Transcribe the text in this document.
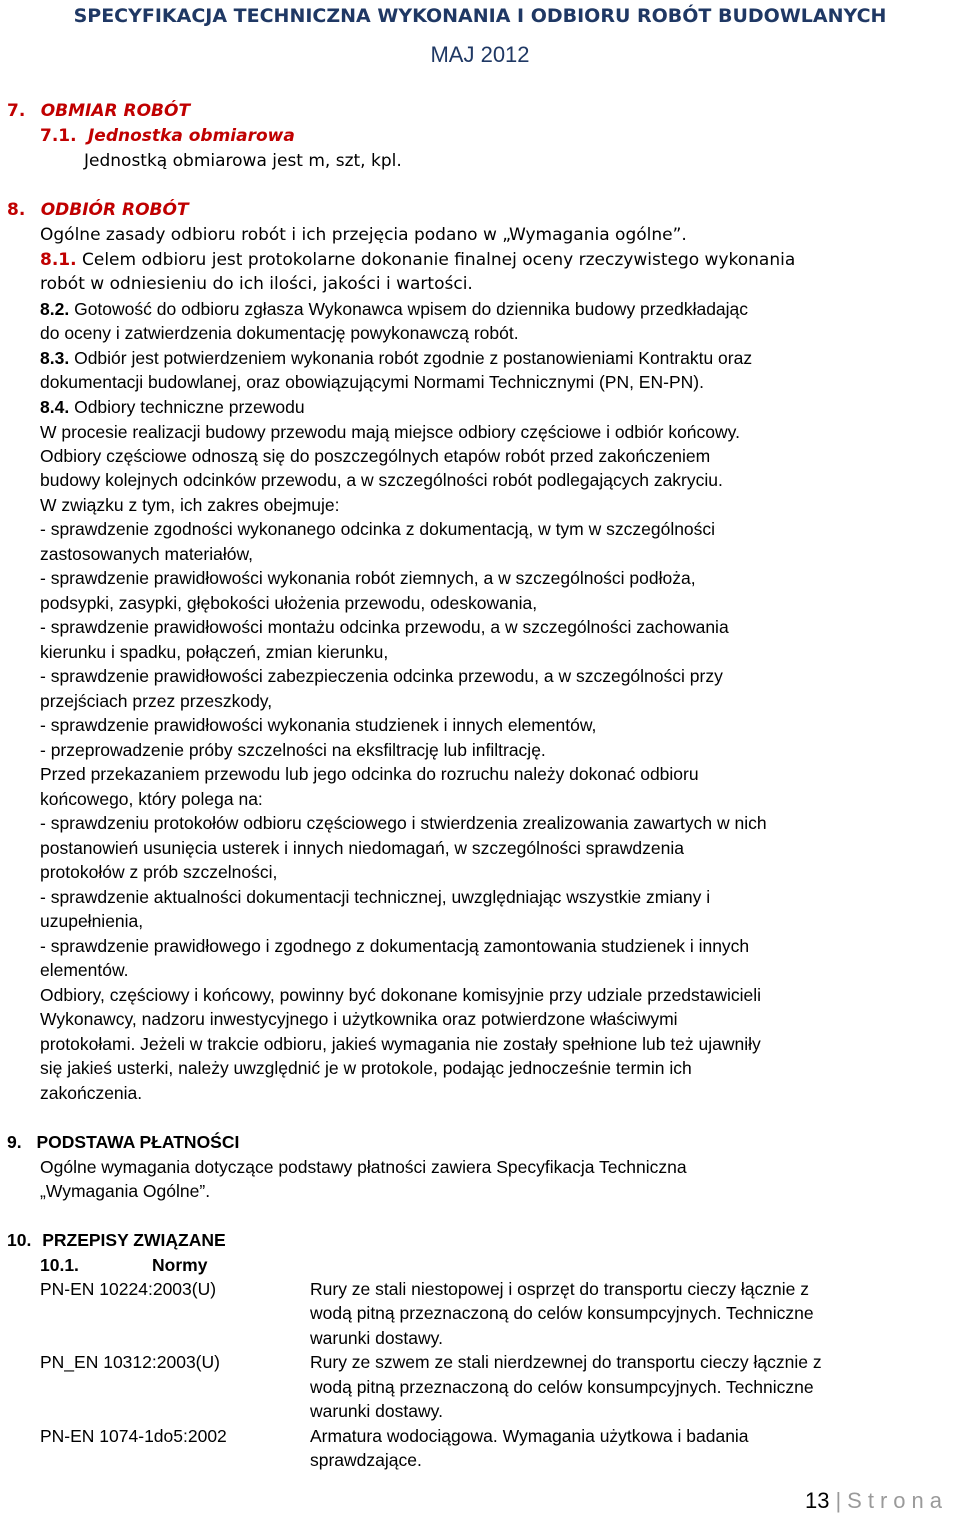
SPECYFIKACJA TECHNICZNA WYKONANIA I ODBIORU ROBÓT BUDOWLANYCH
MAJ 2012
7. OBMIAR ROBÓT
7.1. Jednostka obmiarowa
Jednostką obmiarowa jest m, szt, kpl.
8. ODBIÓR ROBÓT
Ogólne zasady odbioru robót i ich przejęcia podano w „Wymagania ogólne”.
8.1. Celem odbioru jest protokolarne dokonanie finalnej oceny rzeczywistego wykonania
robót w odniesieniu do ich ilości, jakości i wartości.
8.2. Gotowość do odbioru zgłasza Wykonawca wpisem do dziennika budowy przedkładając
do oceny i zatwierdzenia dokumentację powykonawczą robót.
8.3. Odbiór jest potwierdzeniem wykonania robót zgodnie z postanowieniami Kontraktu oraz
dokumentacji budowlanej, oraz obowiązującymi Normami Technicznymi (PN, EN-PN).
8.4. Odbiory techniczne przewodu
W procesie realizacji budowy przewodu mają miejsce odbiory częściowe i odbiór końcowy.
Odbiory częściowe odnoszą się do poszczególnych etapów robót przed zakończeniem
budowy kolejnych odcinków przewodu, a w szczególności robót podlegających zakryciu.
W związku z tym, ich zakres obejmuje:
- sprawdzenie zgodności wykonanego odcinka z dokumentacją, w tym w szczególności
zastosowanych materiałów,
- sprawdzenie prawidłowości wykonania robót ziemnych, a w szczególności podłoża,
podsypki, zasypki, głębokości ułożenia przewodu, odeskowania,
- sprawdzenie prawidłowości montażu odcinka przewodu, a w szczególności zachowania
kierunku i spadku, połączeń, zmian kierunku,
- sprawdzenie prawidłowości zabezpieczenia odcinka przewodu, a w szczególności przy
przejściach przez przeszkody,
- sprawdzenie prawidłowości wykonania studzienek i innych elementów,
- przeprowadzenie próby szczelności na eksfiltrację lub infiltrację.
Przed przekazaniem przewodu lub jego odcinka do rozruchu należy dokonać odbioru
końcowego, który polega na:
- sprawdzeniu protokołów odbioru częściowego i stwierdzenia zrealizowania zawartych w nich
postanowień usunięcia usterek i innych niedomagań, w szczególności sprawdzenia
protokołów z prób szczelności,
- sprawdzenie aktualności dokumentacji technicznej, uwzględniając wszystkie zmiany i
uzupełnienia,
- sprawdzenie prawidłowego i zgodnego z dokumentacją zamontowania studzienek i innych
elementów.
Odbiory, częściowy i końcowy, powinny być dokonane komisyjnie przy udziale przedstawicieli
Wykonawcy, nadzoru inwestycyjnego i użytkownika oraz potwierdzone właściwymi
protokołami. Jeżeli w trakcie odbioru, jakieś wymagania nie zostały spełnione lub też ujawniły
się jakieś usterki, należy uwzględnić je w protokole, podając jednocześnie termin ich
zakończenia.
9. PODSTAWA PŁATNOŚCI
Ogólne wymagania dotyczące podstawy płatności zawiera Specyfikacja Techniczna
„Wymagania Ogólne”.
10. PRZEPISY ZWIĄZANE
10.1.	Normy
PN-EN 10224:2003(U)	Rury ze stali niestopowej i osprzęt do transportu cieczy łącznie z
wodą pitną przeznaczoną do celów konsumpcyjnych. Techniczne
warunki dostawy.
PN_EN 10312:2003(U)	Rury ze szwem ze stali nierdzewnej do transportu cieczy łącznie z
wodą pitną przeznaczoną do celów konsumpcyjnych. Techniczne
warunki dostawy.
PN-EN 1074-1do5:2002	Armatura wodociągowa. Wymagania użytkowa i badania
sprawdzające.
13 | Strona
